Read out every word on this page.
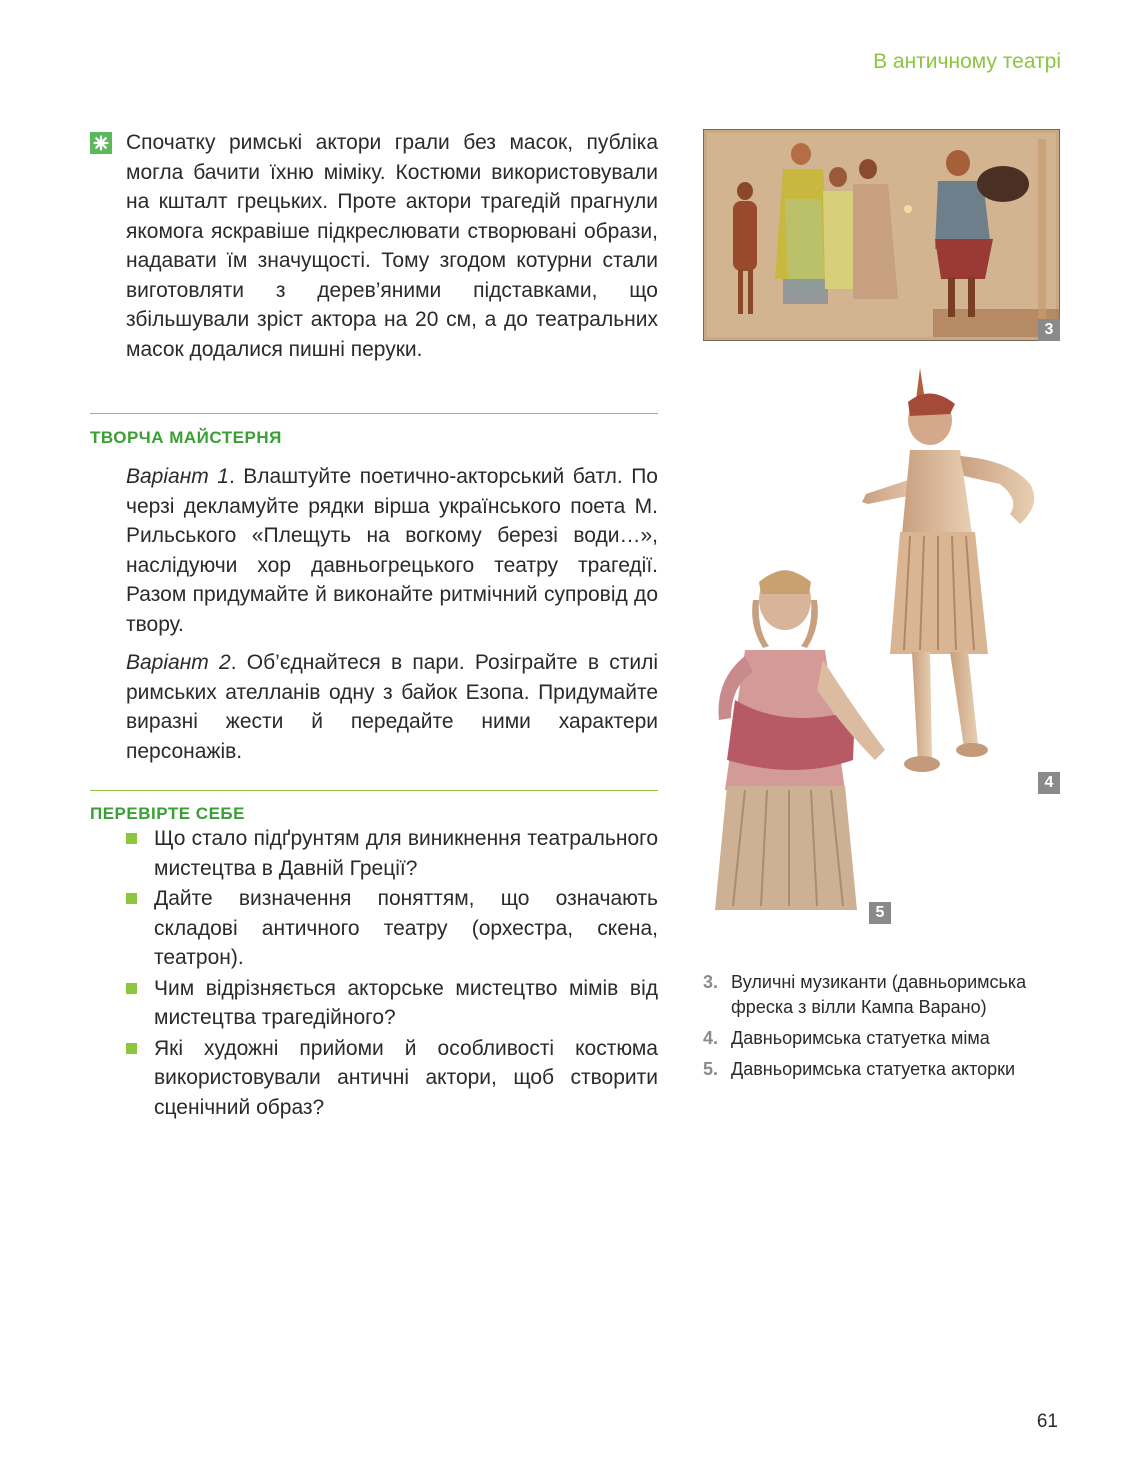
В античному театрі

Спочатку римські актори грали без масок, публіка могла бачити їхню міміку. Костюми використовували на кшталт грецьких. Проте актори трагедій прагнули якомога яскравіше підкреслювати створювані образи, надавати їм значущості. Тому згодом котурни стали виготовляти з дерев’яними підставками, що збільшували зріст актора на 20 см, а до театральних масок додалися пишні перуки.

ТВОРЧА МАЙСТЕРНЯ

Варіант 1. Влаштуйте поетично-акторський батл. По черзі декламуйте рядки вірша українського поета М. Рильського «Плещуть на вогкому березі води…», наслідуючи хор давньогрецького театру трагедії. Разом придумайте й виконайте ритмічний супровід до твору.

Варіант 2. Об’єднайтеся в пари. Розіграйте в стилі римських ателланів одну з байок Езопа. Придумайте виразні жести й передайте ними характери персонажів.

ПЕРЕВІРТЕ СЕБЕ
Що стало підґрунтям для виникнення театрального мистецтва в Давній Греції?
Дайте визначення поняттям, що означають складові античного театру (орхестра, скена, театрон).
Чим відрізняється акторське мистецтво мімів від мистецтва трагедійного?
Які художні прийоми й особливості костюма використовували античні актори, щоб створити сценічний образ?
3
4
5
3. Вуличні музиканти (давньоримська фреска з вілли Кампа Варано)
4. Давньоримська статуетка міма
5. Давньоримська статуетка акторки
61
